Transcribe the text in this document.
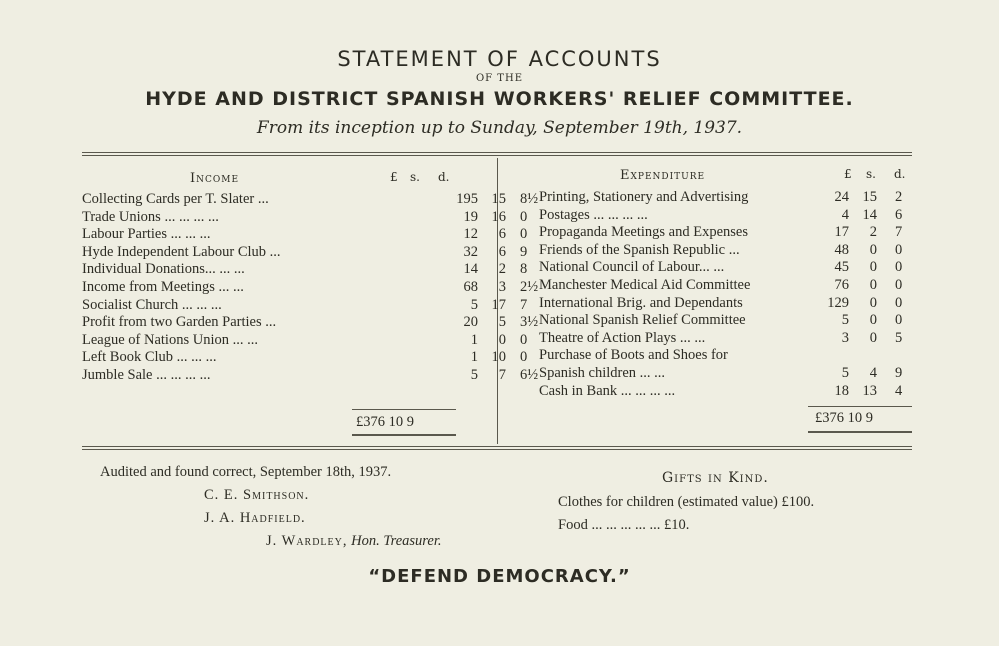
STATEMENT OF ACCOUNTS
OF THE
HYDE AND DISTRICT SPANISH WORKERS' RELIEF COMMITTEE.
From its inception up to Sunday, September 19th, 1937.
Income	£ s. d.
Collecting Cards per T. Slater ...	195 15 8½
Trade Unions ... ... ... ...	19 16 0
Labour Parties ... ... ...	12	6 0
Hyde Independent Labour Club ...	32	6 9
Individual Donations... ... ...	14	2 8
Income from Meetings ... ...	68	3 2½
Socialist Church ... ... ...	5 17 7
Profit from two Garden Parties ...	20	5 3½
League of Nations Union ... ...	1	0 0
Left Book Club ... ... ...	1 10 0
Jumble Sale ... ... ... ...	5	7 6½
£376 10 9
Expenditure	£ s. d.
Printing, Stationery and Advertising	24 15 2
Postages ... ... ... ...	4 14 6
Propaganda Meetings and Expenses	17	2 7
Friends of the Spanish Republic ...	48	0 0
National Council of Labour... ...	45	0 0
Manchester Medical Aid Committee	76	0 0
International Brig. and Dependants	129	0 0
National Spanish Relief Committee	5	0 0
Theatre of Action Plays ... ...	3	0 5
Purchase of Boots and Shoes for
Spanish children ... ...	5	4 9
Cash in Bank ... ... ... ...	18 13 4
£376 10 9
Audited and found correct, September 18th, 1937.
C. E. Smithson.
J. A. Hadfield.
J. Wardley, Hon. Treasurer.
Gifts in Kind.
Clothes for children (estimated value) £100.
Food ... ... ... ... ... £10.
“DEFEND DEMOCRACY.”
